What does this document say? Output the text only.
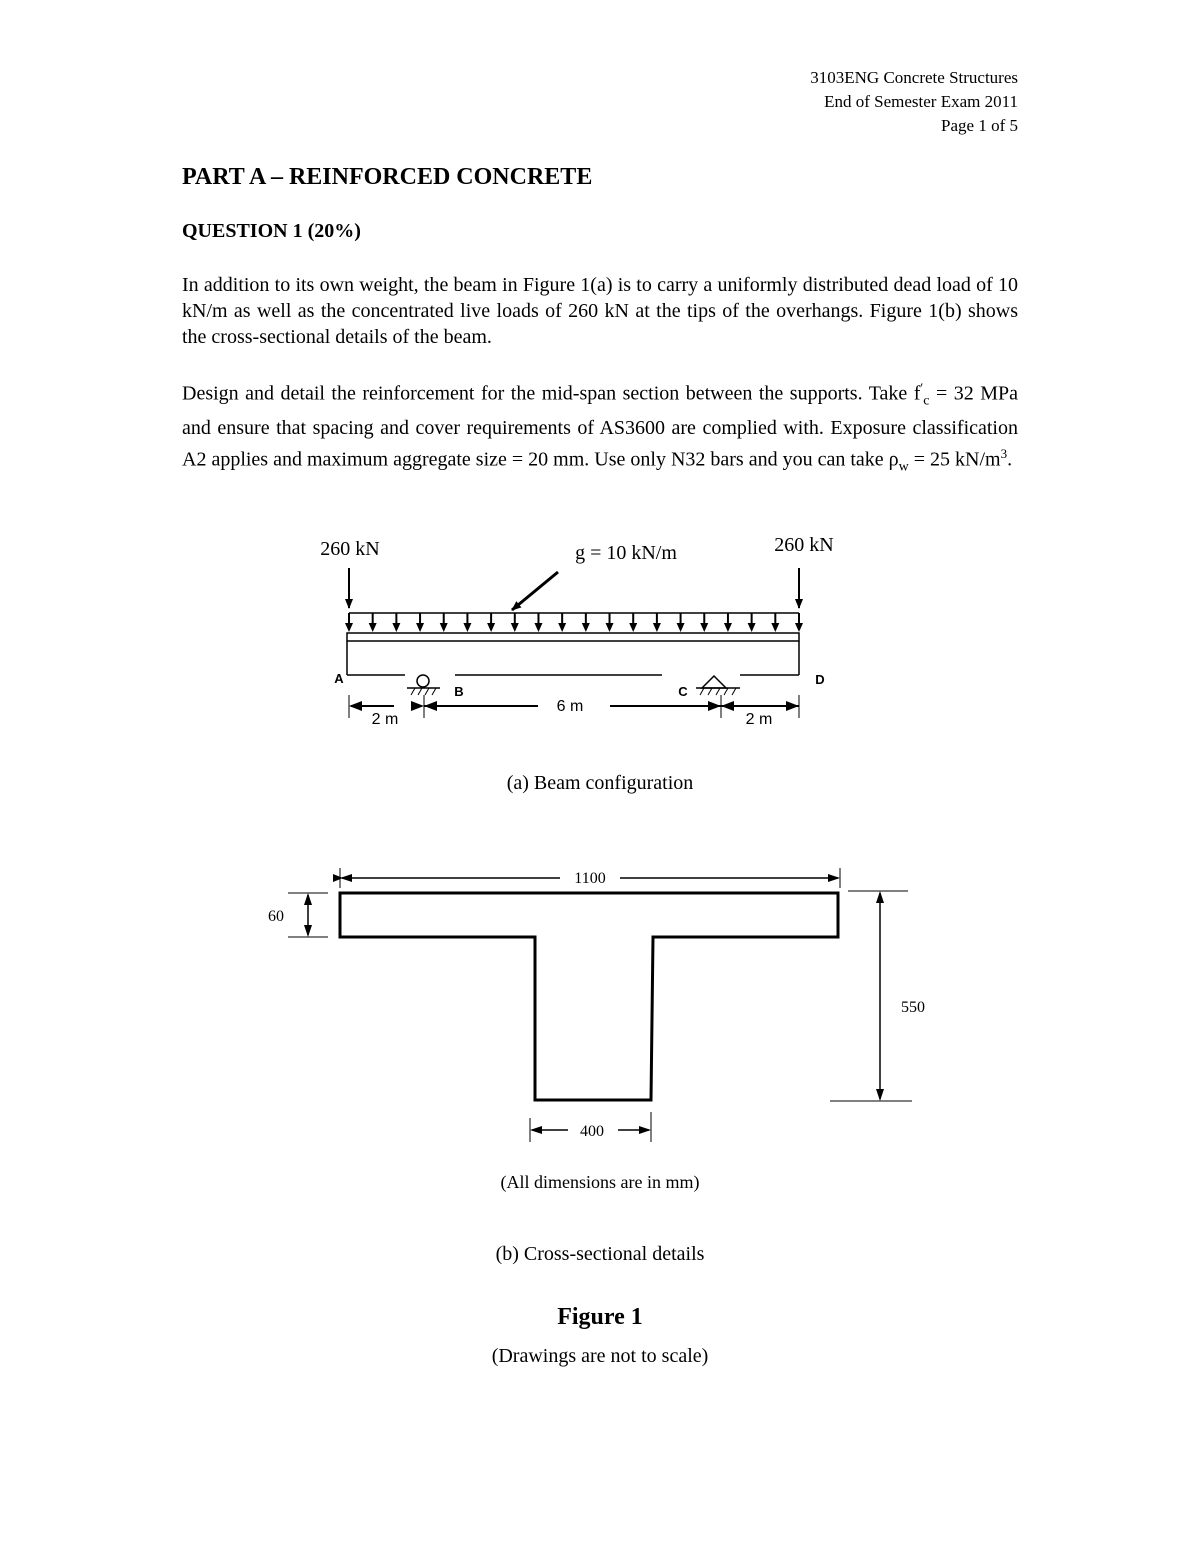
3103ENG Concrete Structures
End of Semester Exam 2011
Page 1 of 5
PART A – REINFORCED CONCRETE
QUESTION 1 (20%)
In addition to its own weight, the beam in Figure 1(a) is to carry a uniformly distributed dead load of 10 kN/m as well as the concentrated live loads of 260 kN at the tips of the overhangs. Figure 1(b) shows the cross-sectional details of the beam.
Design and detail the reinforcement for the mid-span section between the supports. Take $f'_c = 32$ MPa and ensure that spacing and cover requirements of AS3600 are complied with. Exposure classification A2 applies and maximum aggregate size = 20 mm. Use only N32 bars and you can take $\rho_w = 25$ $kN/m^3$.
260 kN	260 kN
g = 10 kN/m
A
B	C
D
2 m
6 m
2 m
(a) Beam configuration
1100
60
550
400
(All dimensions are in mm)
(b) Cross-sectional details
Figure 1
(Drawings are not to scale)
